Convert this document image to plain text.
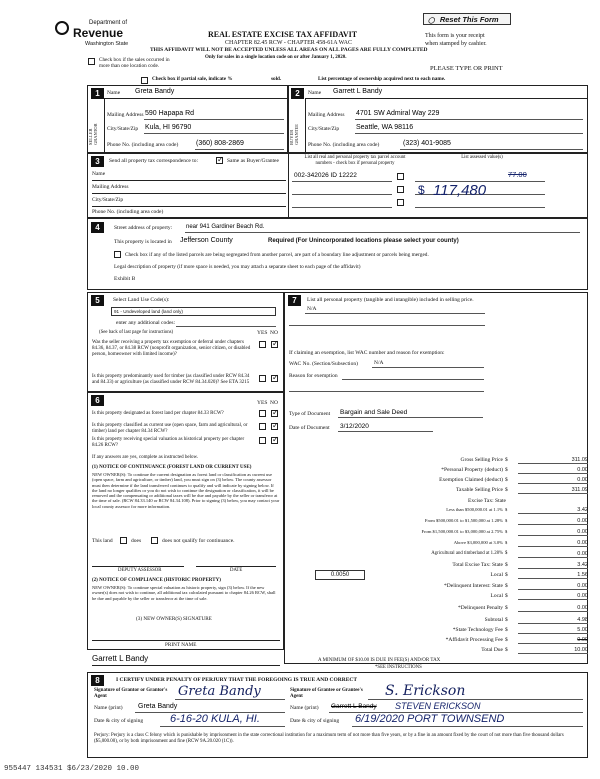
◯ Reset This Form
Department of
Revenue
Washington State
REAL ESTATE EXCISE TAX AFFIDAVIT
CHAPTER 82.45 RCW - CHAPTER 458-61A WAC
THIS AFFIDAVIT WILL NOT BE ACCEPTED UNLESS ALL AREAS ON ALL PAGES ARE FULLY COMPLETED
Only for sales in a single location code on or after January 1, 2020.
This form is your receipt
when stamped by cashier.
PLEASE TYPE OR PRINT
Check box if the sales occurred in more than one location code.
Check box if partial sale, indicate %	sold.	List percentage of ownership acquired next to each name.
1	2
SELLER GRANTOR
Name Greta Bandy
Mailing Address 590 Hapapa Rd
City/State/Zip Kula, HI 96790
Phone No. (including area code)	(360) 808-2869	BUYER GRANTEE
Name Garrett L Bandy
Mailing Address 4701 SW Admiral Way 229
City/State/Zip Seattle, WA 98116
Phone No. (including area code)	(323) 401-9085
3	Send all property tax correspondence to: ✓	Same as Buyer/Grantee
Name
Mailing Address
City/State/Zip
Phone No. (including area code)
List all real and personal property tax parcel account numbers - check box if personal property
List assessed value(s)
002-342026 ID 12222	77.00
117,480
$
4	Street address of property: near 941 Gardiner Beach Rd.
This property is located in Jefferson County	Required (For Unincorporated locations please select your county)
Check box if any of the listed parcels are being segregated from another parcel, are part of a boundary line adjustment or parcels being merged.
Legal description of property (if more space is needed, you may attach a separate sheet to each page of the affidavit)
Exhibit B
5	Select Land Use Code(s):
91 - Undeveloped land (land only)
enter any additional codes:
(See back of last page for instructions)	YES NO
Was the seller receiving a property tax exemption or deferral under chapters 84.36, 84.37, or 84.38 RCW (nonprofit organization, senior citizen, or disabled person, homeowner with limited income)?
✓
Is this property predominantly used for timber (as classified under RCW 84.34 and 84.33) or agriculture (as classified under RCW 84.34.020)? See ETA 3215
✓
6	YES NO
Is this property designated as forest land per chapter 84.33 RCW?
✓
Is this property classified as current use (open space, farm and agricultural, or timber) land per chapter 84.34 RCW?
✓
Is this property receiving special valuation as historical property per chapter 84.26 RCW?
✓
If any answers are yes, complete as instructed below.
(1) NOTICE OF CONTINUANCE (FOREST LAND OR CURRENT USE)
NEW OWNER(S): To continue the current designation as forest land or classification as current use (open space, farm and agriculture, or timber) land, you must sign on (3) below. The county assessor must then determine if the land transferred continues to qualify and will indicate by signing below. If the land no longer qualifies or you do not wish to continue the designation or classification, it will be removed and the compensating or additional taxes will be due and payable by the seller or transferor at the time of sale. (RCW 84.33.140 or RCW 84.34.108). Prior to signing (3) below, you may contact your local county assessor for more information.
This land	does	does not qualify for continuance.
DEPUTY ASSESSOR	DATE
(2) NOTICE OF COMPLIANCE (HISTORIC PROPERTY)
NEW OWNER(S): To continue special valuation as historic property, sign (3) below. If the new owner(s) does not wish to continue, all additional tax calculated pursuant to chapter 84.26 RCW, shall be due and payable by the seller or transferor at the time of sale.
(3) NEW OWNER(S) SIGNATURE
PRINT NAME
Garrett L Bandy
7	List all personal property (tangible and intangible) included in selling price.
N/A
If claiming an exemption, list WAC number and reason for exemption:
WAC No. (Section/Subsection)	N/A
Reason for exemption
Type of Document Bargain and Sale Deed
Date of Document 3/12/2020
Gross Selling Price $	311.09
*Personal Property (deduct) $	0.00
Exemption Claimed (deduct) $	0.00
Taxable Selling Price $	311.09
Excise Tax: State
Less than $500,000.01 at 1.1% $	3.42
From $500,000.01 to $1,500,000 at 1.28% $	0.00
From $1,500,000.01 to $3,000,000 at 2.75% $	0.00
Above $3,000,000 at 3.0% $	0.00
Agricultural and timberland at 1.28% $	0.00
Total Excise Tax: State $	3.42
0.0050	Local $	1.56
*Delinquent Interest: State $	0.00
Local $	0.00
*Delinquent Penalty $	0.00
Subtotal $	4.98
*State Technology Fee $	5.00
*Affidavit Processing Fee $	0.00
Total Due $	10.00
A MINIMUM OF $10.00 IS DUE IN FEE(S) AND/OR TAX
*SEE INSTRUCTIONS
8	I CERTIFY UNDER PENALTY OF PERJURY THAT THE FOREGOING IS TRUE AND CORRECT
Signature of Grantor or Grantor's Agent	Greta Bandy	Signature of Grantee or Grantee's Agent	S. Erickson
Name (print) Greta Bandy	Name (print) Garrett L Bandy STEVEN ERICKSON
Date & city of signing 6-16-20 KULA, HI.	Date & city of signing 6/19/2020 PORT TOWNSEND
Perjury: Perjury is a class C felony which is punishable by imprisonment in the state correctional institution for a maximum term of not more than five years, or by a fine in an amount fixed by the court of not more than five thousand dollars ($5,000.00), or by both imprisonment and fine (RCW 9A.20.020 (1C)).
955447 134531 $6/23/2020 10.00
